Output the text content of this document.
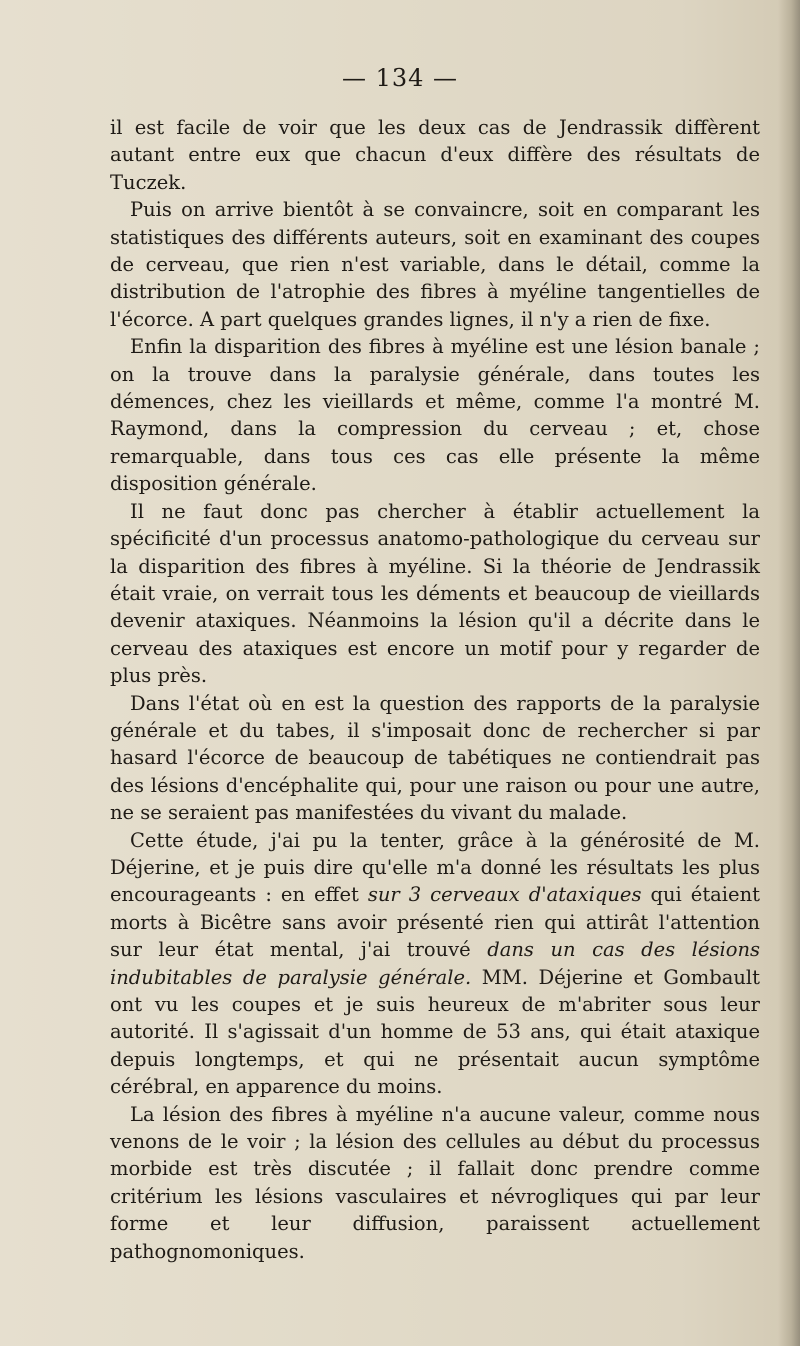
— 134 —

il est facile de voir que les deux cas de Jendrassik diffèrent autant entre eux que chacun d'eux diffère des résultats de Tuczek.

Puis on arrive bientôt à se convaincre, soit en comparant les statistiques des différents auteurs, soit en examinant des coupes de cerveau, que rien n'est variable, dans le détail, comme la distribution de l'atrophie des fibres à myéline tangentielles de l'écorce. A part quelques grandes lignes, il n'y a rien de fixe.

Enfin la disparition des fibres à myéline est une lésion banale ; on la trouve dans la paralysie générale, dans toutes les démences, chez les vieillards et même, comme l'a montré M. Raymond, dans la compression du cerveau ; et, chose remarquable, dans tous ces cas elle présente la même disposition générale.

Il ne faut donc pas chercher à établir actuellement la spécificité d'un processus anatomo-pathologique du cerveau sur la disparition des fibres à myéline. Si la théorie de Jendrassik était vraie, on verrait tous les déments et beaucoup de vieillards devenir ataxiques. Néanmoins la lésion qu'il a décrite dans le cerveau des ataxiques est encore un motif pour y regarder de plus près.

Dans l'état où en est la question des rapports de la paralysie générale et du tabes, il s'imposait donc de rechercher si par hasard l'écorce de beaucoup de tabétiques ne contiendrait pas des lésions d'encéphalite qui, pour une raison ou pour une autre, ne se seraient pas manifestées du vivant du malade.

Cette étude, j'ai pu la tenter, grâce à la générosité de M. Déjerine, et je puis dire qu'elle m'a donné les résultats les plus encourageants : en effet sur 3 cerveaux d'ataxiques qui étaient morts à Bicêtre sans avoir présenté rien qui attirât l'attention sur leur état mental, j'ai trouvé dans un cas des lésions indubitables de paralysie générale. MM. Déjerine et Gombault ont vu les coupes et je suis heureux de m'abriter sous leur autorité. Il s'agissait d'un homme de 53 ans, qui était ataxique depuis longtemps, et qui ne présentait aucun symptôme cérébral, en apparence du moins.

La lésion des fibres à myéline n'a aucune valeur, comme nous venons de le voir ; la lésion des cellules au début du processus morbide est très discutée ; il fallait donc prendre comme critérium les lésions vasculaires et névrogliques qui par leur forme et leur diffusion, paraissent actuellement pathognomoniques.
